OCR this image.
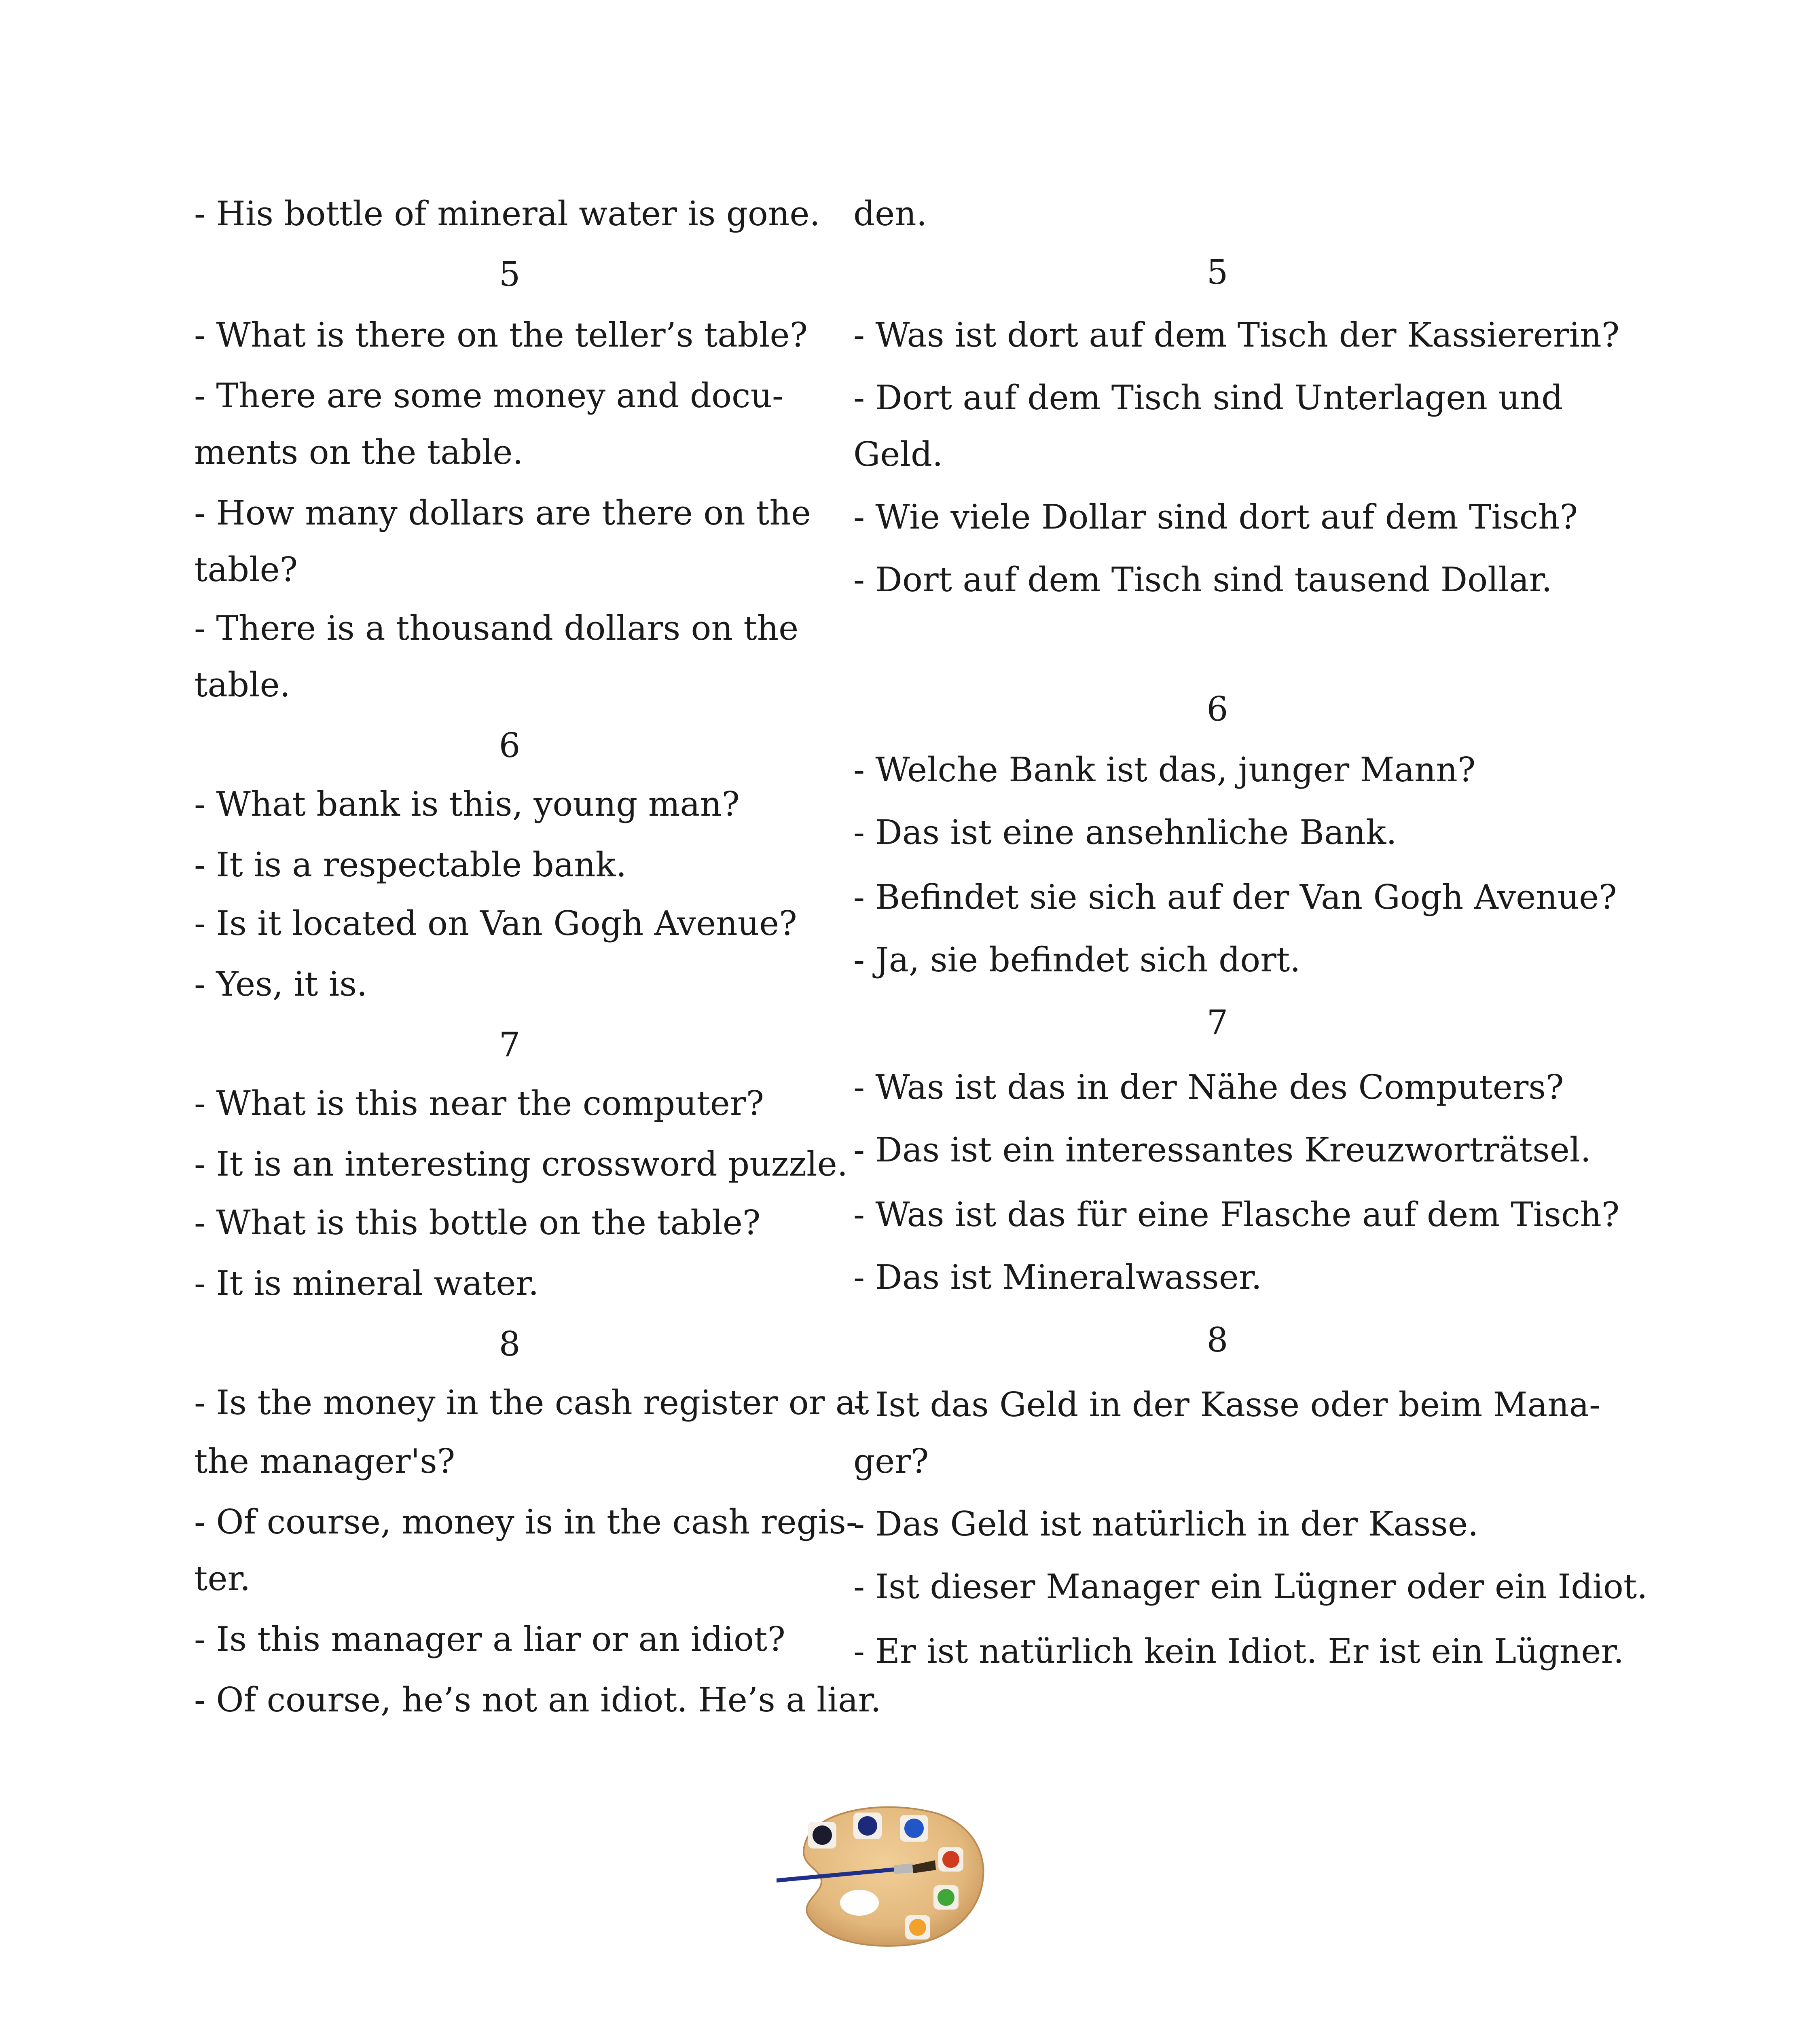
- His bottle of mineral water is gone.
5
- What is there on the teller’s table?
- There are some money and docu-
ments on the table.
- How many dollars are there on the
table?
- There is a thousand dollars on the
table.
6
- What bank is this, young man?
- It is a respectable bank.
- Is it located on Van Gogh Avenue?
- Yes, it is.
7
- What is this near the computer?
- It is an interesting crossword puzzle.
- What is this bottle on the table?
- It is mineral water.
8
- Is the money in the cash register or at
the manager's?
- Of course, money is in the cash regis-
ter.
- Is this manager a liar or an idiot?
- Of course, he’s not an idiot. He’s a liar.
den.
5
- Was ist dort auf dem Tisch der Kassiererin?
- Dort auf dem Tisch sind Unterlagen und
Geld.
- Wie viele Dollar sind dort auf dem Tisch?
- Dort auf dem Tisch sind tausend Dollar.
6
- Welche Bank ist das, junger Mann?
- Das ist eine ansehnliche Bank.
- Befindet sie sich auf der Van Gogh Avenue?
- Ja, sie befindet sich dort.
7
- Was ist das in der Nähe des Computers?
- Das ist ein interessantes Kreuzworträtsel.
- Was ist das für eine Flasche auf dem Tisch?
- Das ist Mineralwasser.
8
- Ist das Geld in der Kasse oder beim Mana-
ger?
- Das Geld ist natürlich in der Kasse.
- Ist dieser Manager ein Lügner oder ein Idiot.
- Er ist natürlich kein Idiot. Er ist ein Lügner.
